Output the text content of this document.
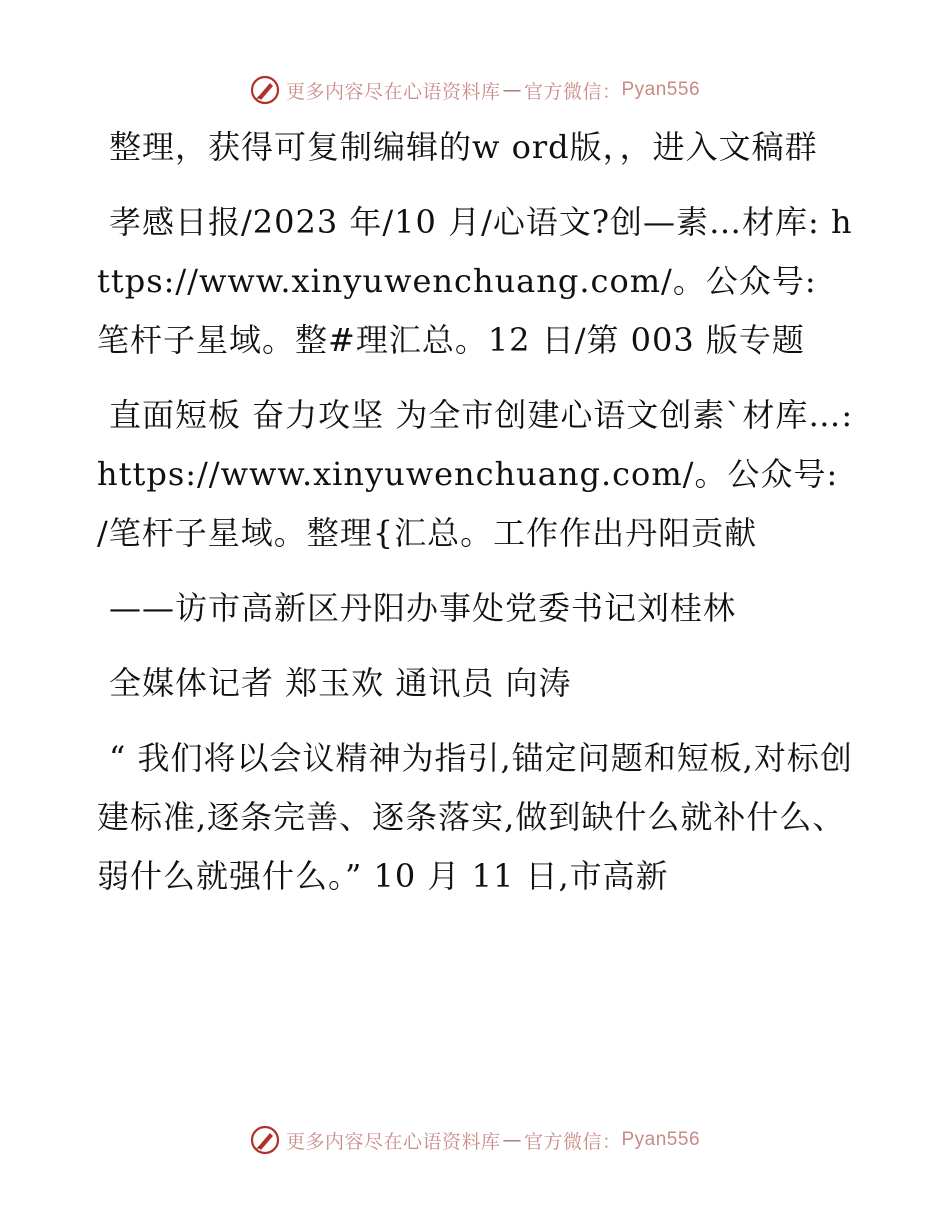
更多内容尽在心语资料库 — 官方微信： Pyan556

整理，获得可复制编辑的w ord版，，进入文稿群

孝感日报/2023 年/10 月/心语文?创—素…材库: https://www.xinyuwenchuang.com/。公众号: 笔杆子星域。整#理汇总。12 日/第 003 版专题

直面短板 奋力攻坚 为全市创建心语文创素`材库…: https://www.xinyuwenchuang.com/。公众号: /笔杆子星域。整理{汇总。工作作出丹阳贡献

——访市高新区丹阳办事处党委书记刘桂林

全媒体记者 郑玉欢 通讯员 向涛

“ 我们将以会议精神为指引,锚定问题和短板,对标创建标准,逐条完善、逐条落实,做到缺什么就补什么、弱什么就强什么。” 10 月 11 日,市高新

更多内容尽在心语资料库 — 官方微信： Pyan556
